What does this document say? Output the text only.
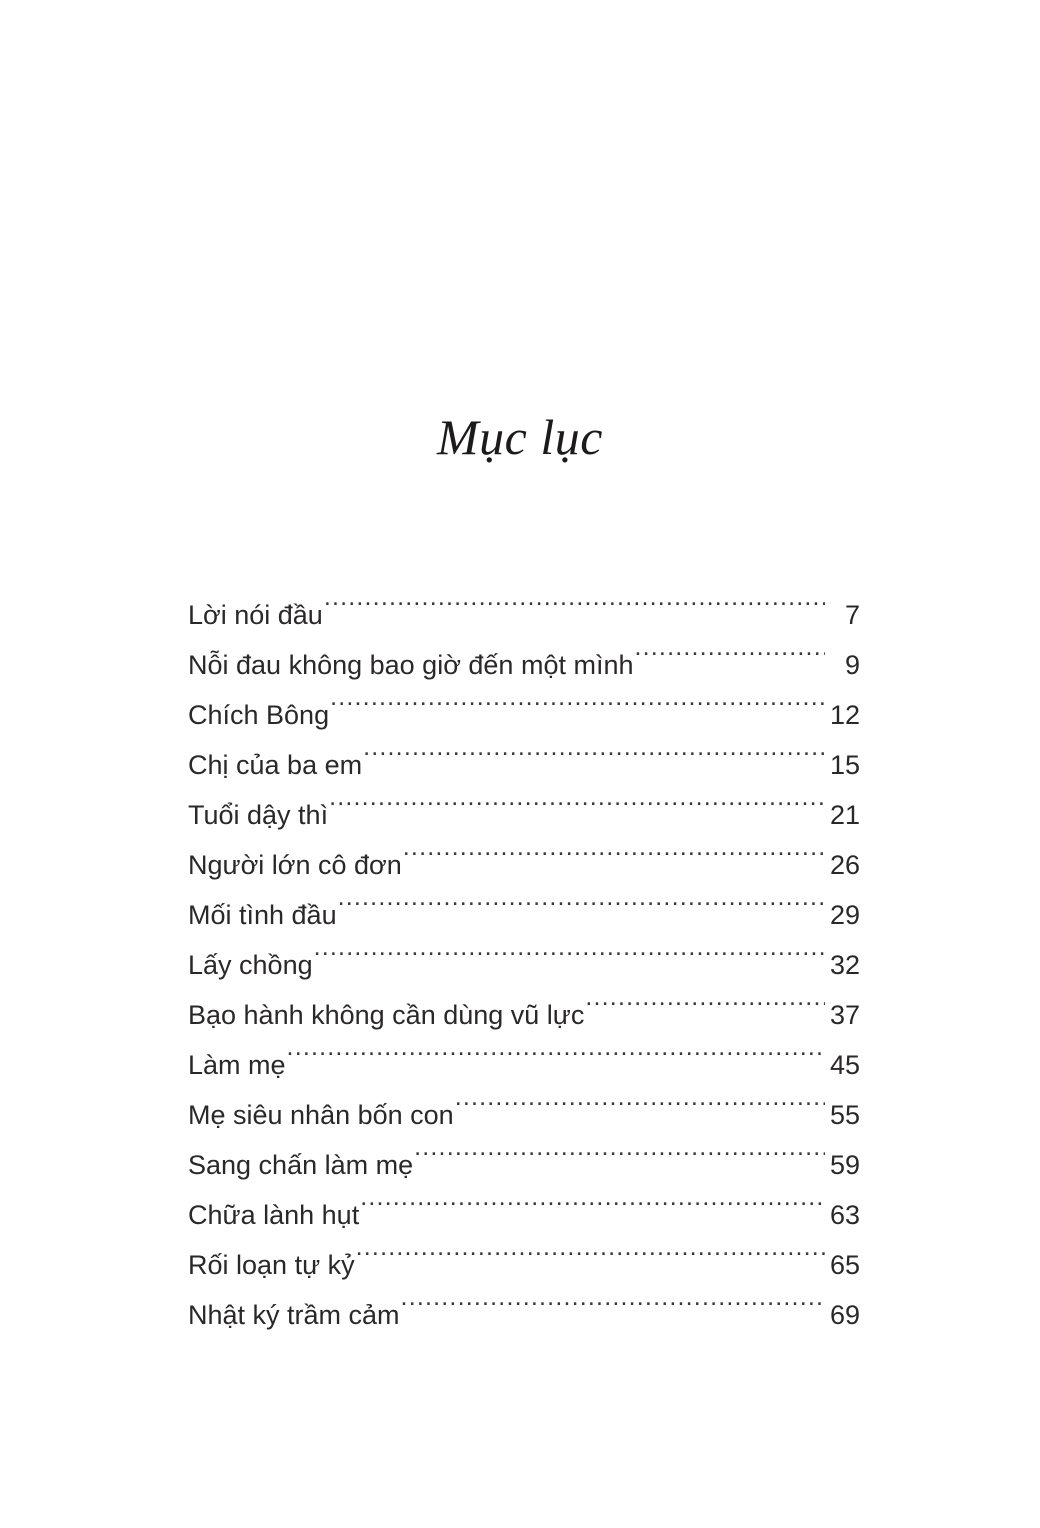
Mục lục
Lời nói đầu .....	7
Nỗi đau không bao giờ đến một mình .....	9
Chích Bông .....	12
Chị của ba em .....	15
Tuổi dậy thì .....	21
Người lớn cô đơn .....	26
Mối tình đầu .....	29
Lấy chồng .....	32
Bạo hành không cần dùng vũ lực .....	37
Làm mẹ .....	45
Mẹ siêu nhân bốn con .....	55
Sang chấn làm mẹ .....	59
Chữa lành hụt .....	63
Rối loạn tự kỷ .....	65
Nhật ký trầm cảm .....	69
